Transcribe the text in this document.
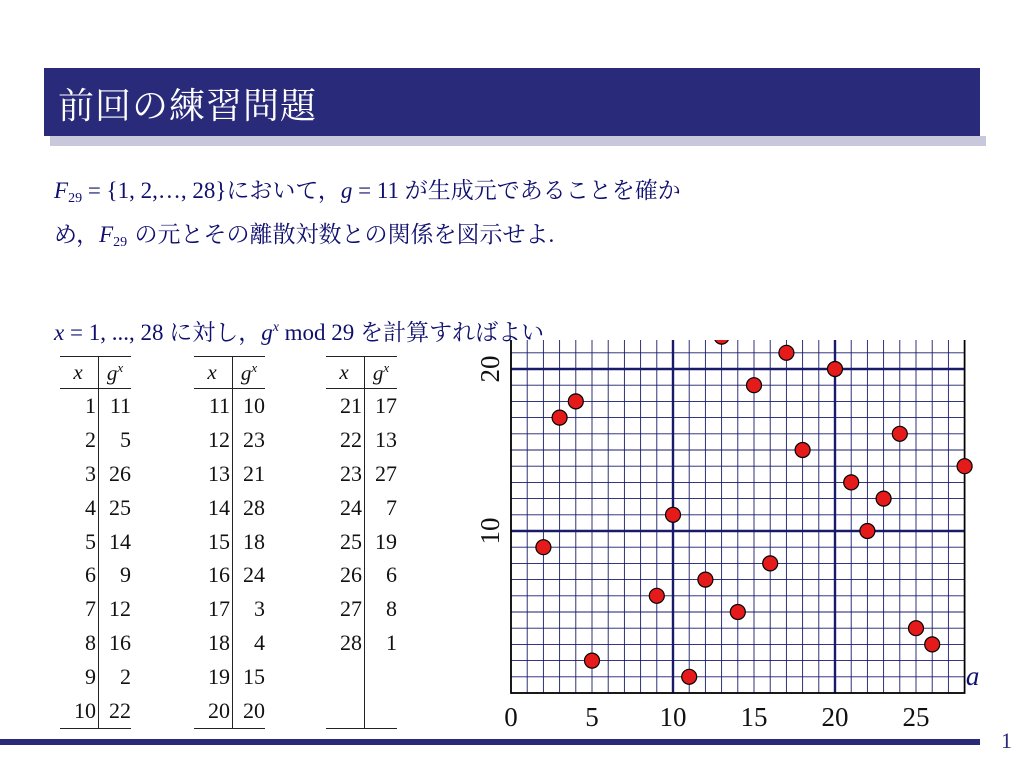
前回の練習問題
$F_{29} = \{1$, 2,…, 28}において，g = 11 が生成元であることを確か
め，$F_{29}$ の元とその離散対数との関係を図示せよ.
x = 1, ..., 28 に対し，$g^x$ mod 29 を計算すればよい
x	$g^x$
1	11
2	5
3	26
4	25
5	14
6	9
7	12
8	16
9	2
10	22
x	$g^x$
11	10
12	23
13	21
14	28
15	18
16	24
17	3
18	4
19	15
20	20
x	$g^x$
21	17
22	13
23	27
24	7
25	19
26	6
27	8
28	1

0	5 10 15 20 25
10
20
a
1
